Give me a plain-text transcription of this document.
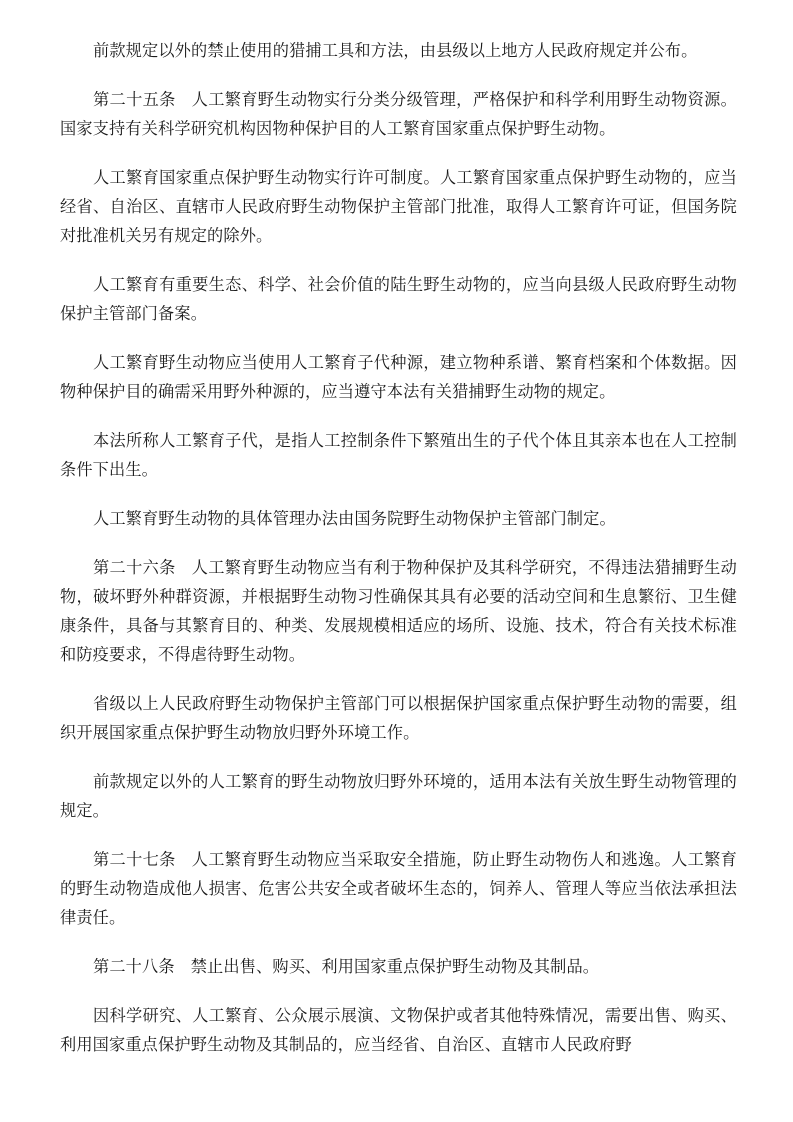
前款规定以外的禁止使用的猎捕工具和方法，由县级以上地方人民政府规定并公布。

第二十五条 人工繁育野生动物实行分类分级管理，严格保护和科学利用野生动物资源。国家支持有关科学研究机构因物种保护目的人工繁育国家重点保护野生动物。

人工繁育国家重点保护野生动物实行许可制度。人工繁育国家重点保护野生动物的，应当经省、自治区、直辖市人民政府野生动物保护主管部门批准，取得人工繁育许可证，但国务院对批准机关另有规定的除外。

人工繁育有重要生态、科学、社会价值的陆生野生动物的，应当向县级人民政府野生动物保护主管部门备案。

人工繁育野生动物应当使用人工繁育子代种源，建立物种系谱、繁育档案和个体数据。因物种保护目的确需采用野外种源的，应当遵守本法有关猎捕野生动物的规定。

本法所称人工繁育子代，是指人工控制条件下繁殖出生的子代个体且其亲本也在人工控制条件下出生。

人工繁育野生动物的具体管理办法由国务院野生动物保护主管部门制定。

第二十六条 人工繁育野生动物应当有利于物种保护及其科学研究，不得违法猎捕野生动物，破坏野外种群资源，并根据野生动物习性确保其具有必要的活动空间和生息繁衍、卫生健康条件，具备与其繁育目的、种类、发展规模相适应的场所、设施、技术，符合有关技术标准和防疫要求，不得虐待野生动物。

省级以上人民政府野生动物保护主管部门可以根据保护国家重点保护野生动物的需要，组织开展国家重点保护野生动物放归野外环境工作。

前款规定以外的人工繁育的野生动物放归野外环境的，适用本法有关放生野生动物管理的规定。

第二十七条 人工繁育野生动物应当采取安全措施，防止野生动物伤人和逃逸。人工繁育的野生动物造成他人损害、危害公共安全或者破坏生态的，饲养人、管理人等应当依法承担法律责任。

第二十八条 禁止出售、购买、利用国家重点保护野生动物及其制品。

因科学研究、人工繁育、公众展示展演、文物保护或者其他特殊情况，需要出售、购买、利用国家重点保护野生动物及其制品的，应当经省、自治区、直辖市人民政府野
